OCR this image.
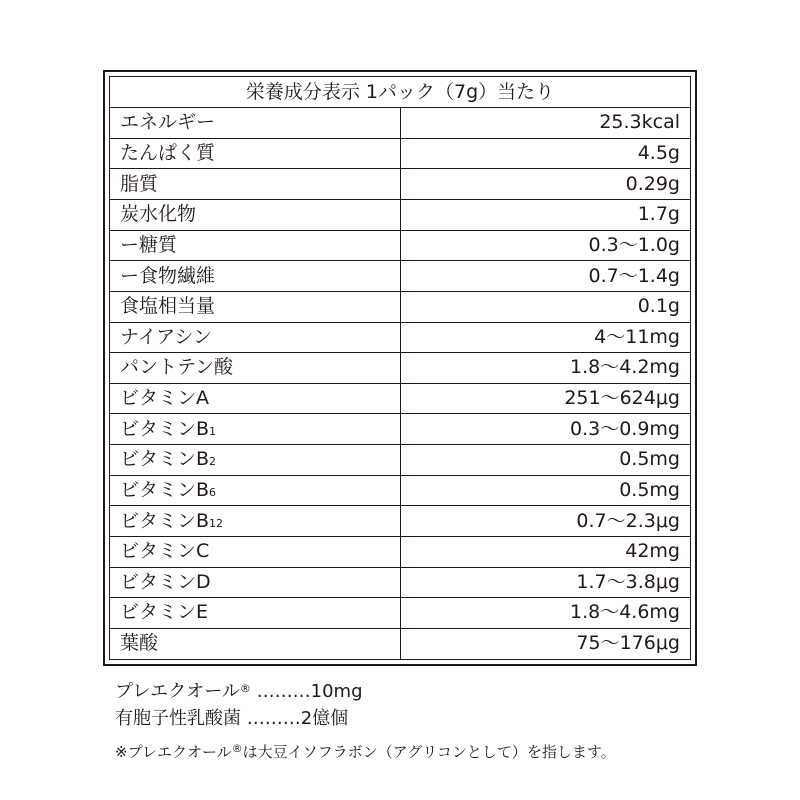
栄養成分表示 1パック（7g）当たり	
エネルギー	25.3kcal
たんぱく質	4.5g
脂質	0.29g
炭水化物	1.7g
ー糖質	0.3〜1.0g
ー食物繊維	0.7〜1.4g
食塩相当量	0.1g
ナイアシン	4〜11mg
パントテン酸	1.8〜4.2mg
ビタミンA	251〜624μg
ビタミンB1	0.3〜0.9mg
ビタミンB2	0.5mg
ビタミンB6	0.5mg
ビタミンB12	0.7〜2.3μg
ビタミンC	42mg
ビタミンD	1.7〜3.8μg
ビタミンE	1.8〜4.6mg
葉酸	75〜176μg
プレエクオール® ………10mg
有胞子性乳酸菌 ………2億個
※プレエクオール®は大豆イソフラボン（アグリコンとして）を指します。
